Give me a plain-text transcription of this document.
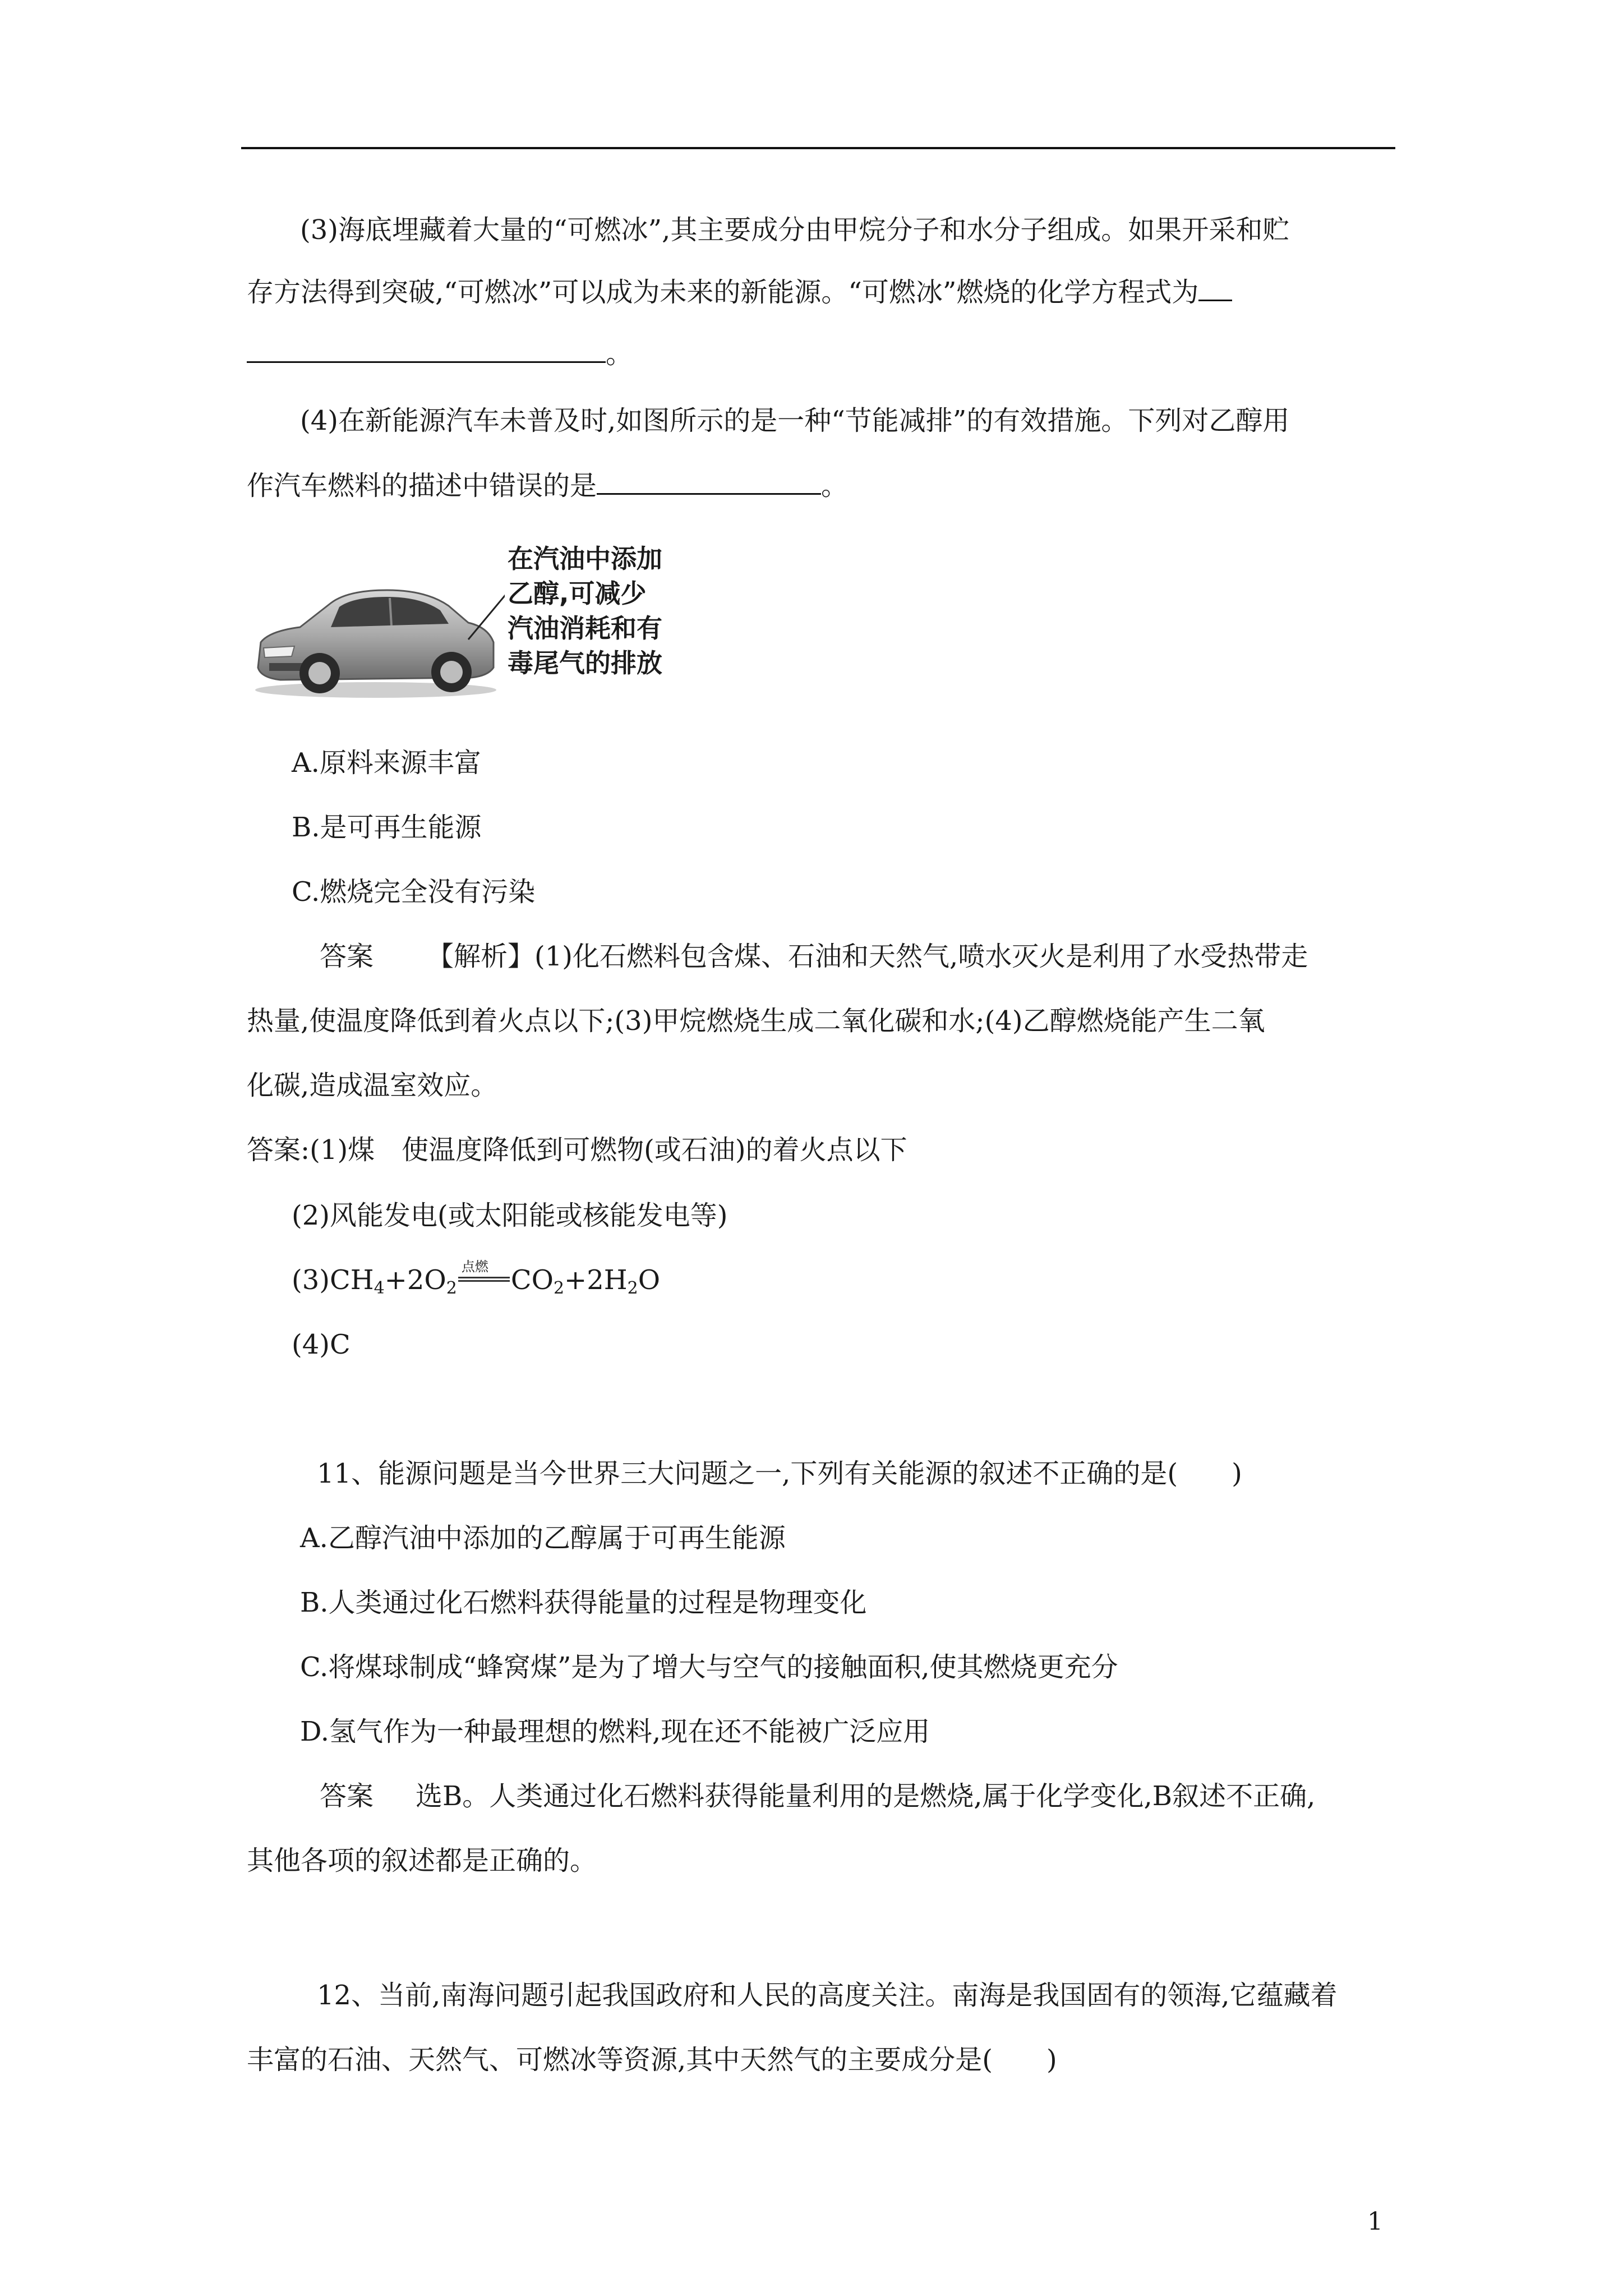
(3)海底埋藏着大量的“可燃冰”,其主要成分由甲烷分子和水分子组成。如果开采和贮
存方法得到突破,“可燃冰”可以成为未来的新能源。“可燃冰”燃烧的化学方程式为
。
(4)在新能源汽车未普及时,如图所示的是一种“节能减排”的有效措施。下列对乙醇用
作汽车燃料的描述中错误的是	。
在汽油中添加
乙醇,可减少
汽油消耗和有
毒尾气的排放
A.原料来源丰富
B.是可再生能源
C.燃烧完全没有污染
答案 【解析】(1)化石燃料包含煤、石油和天然气,喷水灭火是利用了水受热带走
热量,使温度降低到着火点以下;(3)甲烷燃烧生成二氧化碳和水;(4)乙醇燃烧能产生二氧
化碳,造成温室效应。
答案:(1)煤　使温度降低到可燃物(或石油)的着火点以下
(2)风能发电(或太阳能或核能发电等)
$(3)CH_4+2O_2$
点燃 $CO_2+2H_2O$
(4)C
11、能源问题是当今世界三大问题之一,下列有关能源的叙述不正确的是(　　)
A.乙醇汽油中添加的乙醇属于可再生能源
B.人类通过化石燃料获得能量的过程是物理变化
C.将煤球制成“蜂窝煤”是为了增大与空气的接触面积,使其燃烧更充分
D.氢气作为一种最理想的燃料,现在还不能被广泛应用
答案 选B。人类通过化石燃料获得能量利用的是燃烧,属于化学变化,B叙述不正确,
其他各项的叙述都是正确的。
12、当前,南海问题引起我国政府和人民的高度关注。南海是我国固有的领海,它蕴藏着
丰富的石油、天然气、可燃冰等资源,其中天然气的主要成分是(　　)
1
